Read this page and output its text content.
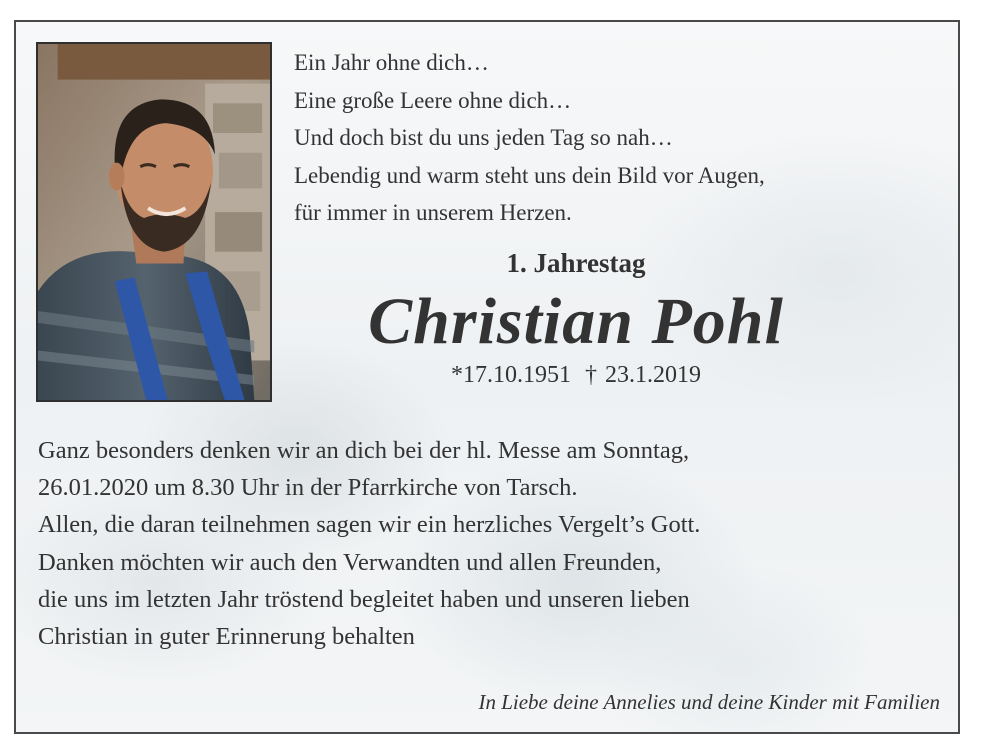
Ein Jahr ohne dich…
Eine große Leere ohne dich…
Und doch bist du uns jeden Tag so nah…
Lebendig und warm steht uns dein Bild vor Augen,
für immer in unserem Herzen.
1. Jahrestag
Christian Pohl
*17.10.1951 † 23.1.2019
Ganz besonders denken wir an dich bei der hl. Messe am Sonntag,
26.01.2020 um 8.30 Uhr in der Pfarrkirche von Tarsch.
Allen, die daran teilnehmen sagen wir ein herzliches Vergelt’s Gott.
Danken möchten wir auch den Verwandten und allen Freunden,
die uns im letzten Jahr tröstend begleitet haben und unseren lieben
Christian in guter Erinnerung behalten
In Liebe deine Annelies und deine Kinder mit Familien
